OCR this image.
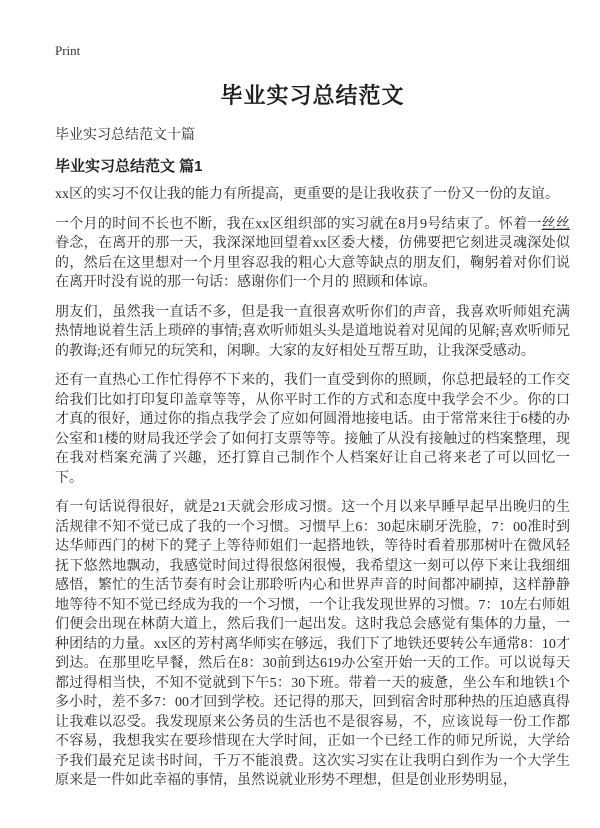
Print
毕业实习总结范文
毕业实习总结范文十篇
毕业实习总结范文 篇1

xx区的实习不仅让我的能力有所提高，更重要的是让我收获了一份又一份的友谊。

一个月的时间不长也不断，我在xx区组织部的实习就在8月9号结束了。怀着一丝丝眷念，在离开的那一天，我深深地回望着xx区委大楼，仿佛要把它刻进灵魂深处似的，然后在这里想对一个月里容忍我的粗心大意等缺点的朋友们，鞠躬着对你们说在离开时没有说的那一句话：感谢你们一个月的 照顾和体谅。

朋友们，虽然我一直话不多，但是我一直很喜欢听你们的声音，我喜欢听师姐充满热情地说着生活上琐碎的事情;喜欢听师姐头头是道地说着对见闻的见解;喜欢听师兄的教诲;还有师兄的玩笑和，闲聊。大家的友好相处互帮互助，让我深受感动。

还有一直热心工作忙得停不下来的，我们一直受到你的照顾，你总把最轻的工作交给我们比如打印复印盖章等等，从你平时工作的方式和态度中我学会不少。你的口才真的很好，通过你的指点我学会了应如何圆滑地接电话。由于常常来往于6楼的办公室和1楼的财局我还学会了如何打支票等等。接触了从没有接触过的档案整理，现在我对档案充满了兴趣，还打算自己制作个人档案好让自己将来老了可以回忆一下。

有一句话说得很好，就是21天就会形成习惯。这一个月以来早睡早起早出晚归的生活规律不知不觉已成了我的一个习惯。习惯早上6：30起床刷牙洗脸，7：00准时到达华师西门的树下的凳子上等待师姐们一起搭地铁，等待时看着那那树叶在微风轻抚下悠然地飘动，我感觉时间过得很悠闲很慢，我希望这一刻可以停下来让我细细感悟，繁忙的生活节奏有时会让那聆听内心和世界声音的时间都冲刷掉，这样静静地等待不知不觉已经成为我的一个习惯，一个让我发现世界的习惯。7：10左右师姐们便会出现在林荫大道上，然后我们一起出发。这时我总会感觉有集体的力量，一种团结的力量。xx区的芳村离华师实在够远，我们下了地铁还要转公车通常8：10才到达。在那里吃早餐，然后在8：30前到达619办公室开始一天的工作。可以说每天都过得相当快，不知不觉就到下午5：30下班。带着一天的疲惫，坐公车和地铁1个多小时，差不多7：00才回到学校。还记得的那天，回到宿舍时那种热的压迫感真得让我难以忍受。我发现原来公务员的生活也不是很容易，不，应该说每一份工作都不容易，我想我实在要珍惜现在大学时间，正如一个已经工作的师兄所说，大学给予我们最充足读书时间，千万不能浪费。这次实习实在让我明白到作为一个大学生原来是一件如此幸福的事情，虽然说就业形势不理想，但是创业形势明显，
